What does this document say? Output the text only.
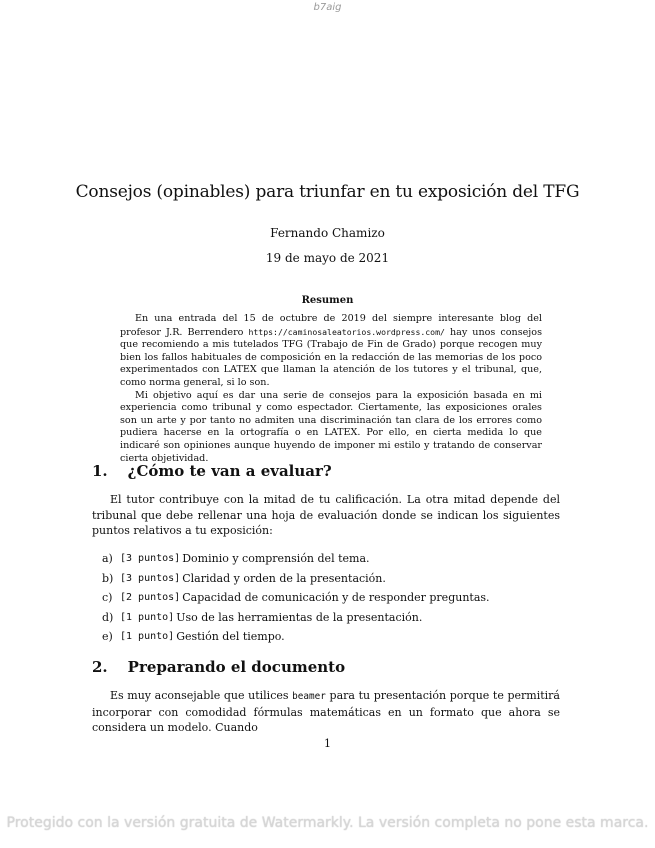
b7aig
Consejos (opinables) para triunfar en tu exposición del TFG
Fernando Chamizo
19 de mayo de 2021
Resumen

En una entrada del 15 de octubre de 2019 del siempre interesante blog del profesor J.R. Berrendero https://caminosaleatorios.wordpress.com/ hay unos consejos que recomiendo a mis tutelados TFG (Trabajo de Fin de Grado) porque recogen muy bien los fallos habituales de composición en la redacción de las memorias de los poco experimentados con LATEX que llaman la atención de los tutores y el tribunal, que, como norma general, si lo son.

Mi objetivo aquí es dar una serie de consejos para la exposición basada en mi experiencia como tribunal y como espectador. Ciertamente, las exposiciones orales son un arte y por tanto no admiten una discriminación tan clara de los errores como pudiera hacerse en la ortografía o en LATEX. Por ello, en cierta medida lo que indicaré son opiniones aunque huyendo de imponer mi estilo y tratando de conservar cierta objetividad.

1. ¿Cómo te van a evaluar?

El tutor contribuye con la mitad de tu calificación. La otra mitad depende del tribunal que debe rellenar una hoja de evaluación donde se indican los siguientes puntos relativos a tu exposición:

a) [3 puntos] Dominio y comprensión del tema.
b) [3 puntos] Claridad y orden de la presentación.
c) [2 puntos] Capacidad de comunicación y de responder preguntas.
d) [1 punto] Uso de las herramientas de la presentación.
e) [1 punto] Gestión del tiempo.
2. Preparando el documento

Es muy aconsejable que utilices beamer para tu presentación porque te permitirá incorporar con comodidad fórmulas matemáticas en un formato que ahora se considera un modelo. Cuando

1
Protegido con la versión gratuita de Watermarkly. La versión completa no pone esta marca.
